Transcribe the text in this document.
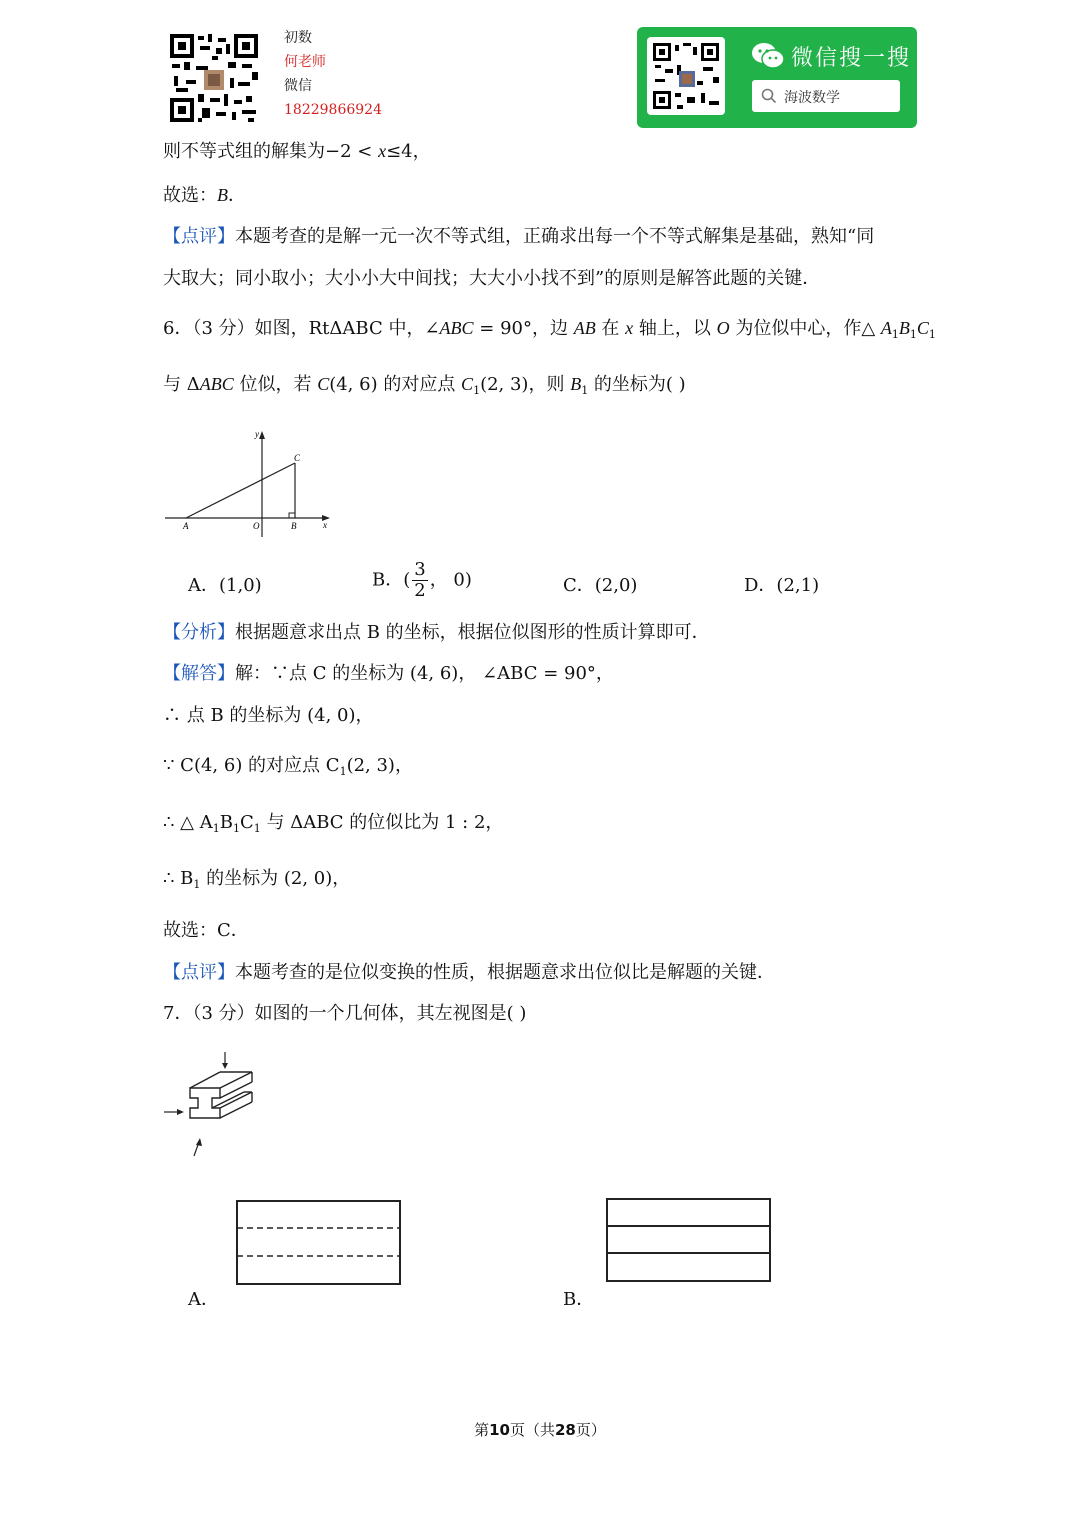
初数
何老师
微信
18229866924
微信搜一搜
海波数学
则不等式组的解集为−2 < x≤4，
故选：B．
【点评】本题考查的是解一元一次不等式组，正确求出每一个不等式解集是基础，熟知“同
大取大；同小取小；大小小大中间找；大大小小找不到”的原则是解答此题的关键．
6．（3 分）如图，RtΔABC 中，∠ABC = 90°，边 AB 在 x 轴上，以 O 为位似中心，作△ $A_1B_1C_1$
与 ΔABC 位似，若 C(4, 6) 的对应点 $C_1(2$, 3)，则 $B_1$ 的坐标为( )
y
x
A	O	B
C
A．(1,0)	B．( $\frac{3}{2}$ ， 0)	C．(2,0)	D．(2,1)
【分析】根据题意求出点 B 的坐标，根据位似图形的性质计算即可．
【解答】解：∵点 C 的坐标为 (4, 6)， ∠ABC = 90°，
∴ 点 B 的坐标为 (4, 0)，
∵ C(4, 6) 的对应点 $C_1(2$, 3)，
∴ △ $A_1B_1C_1$ 与 ΔABC 的位似比为 1 : 2，
∴ $B_1$ 的坐标为 (2, 0)，
故选：C．
【点评】本题考查的是位似变换的性质，根据题意求出位似比是解题的关键．
7．（3 分）如图的一个几何体，其左视图是( )
A．	B．
第10页（共28页）
